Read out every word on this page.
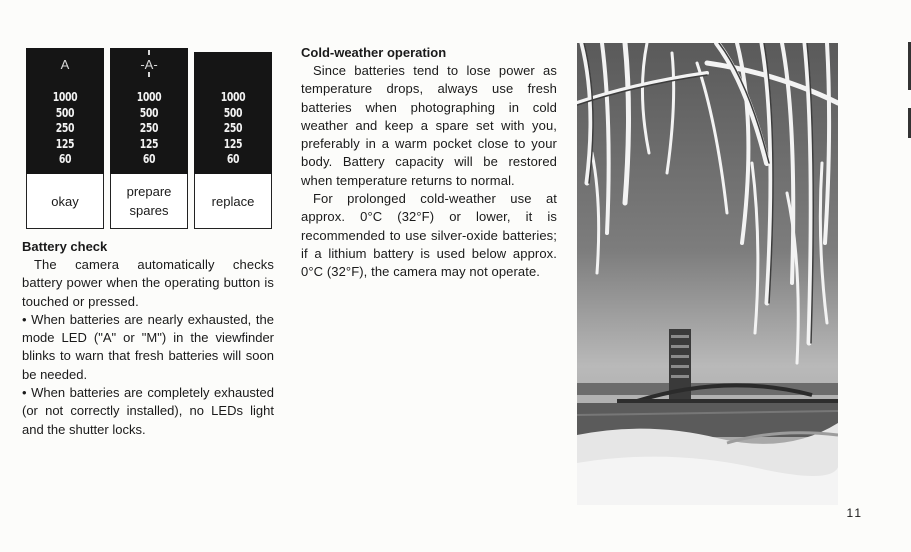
A
1000
500
250
125
60
okay
-A-
1000
500
250
125
60
prepare
spares
1000
500
250
125
60
replace
Battery check

The camera automatically checks battery power when the operating button is touched or pressed.

• When batteries are nearly exhausted, the mode LED ("A" or "M") in the viewfinder blinks to warn that fresh batteries will soon be needed.

• When batteries are completely exhausted (or not correctly installed), no LEDs light and the shutter locks.

Cold-weather operation

Since batteries tend to lose power as temperature drops, always use fresh batteries when photographing in cold weather and keep a spare set with you, preferably in a warm pocket close to your body. Battery capacity will be restored when temperature returns to normal.

For prolonged cold-weather use at approx. 0°C (32°F) or lower, it is recommended to use silver-oxide batteries; if a lithium battery is used below approx. 0°C (32°F), the camera may not operate.

11
